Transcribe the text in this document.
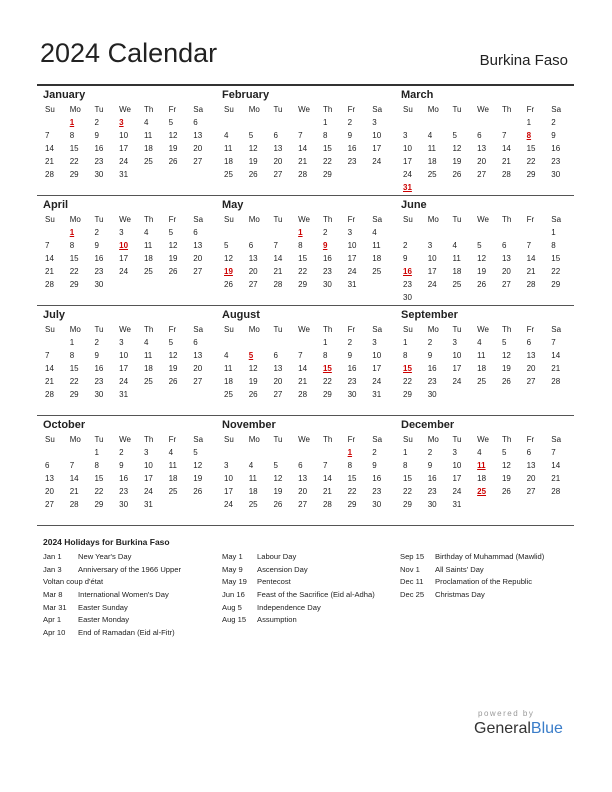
2024 Calendar	Burkina Faso
January
Su	Mo	Tu	We	Th	Fr	Sa
	1	2	3	4	5	6
7	8	9	10	11	12	13
14	15	16	17	18	19	20
21	22	23	24	25	26	27
28	29	30	31			
February
Su	Mo	Tu	We	Th	Fr	Sa
				1	2	3
4	5	6	7	8	9	10
11	12	13	14	15	16	17
18	19	20	21	22	23	24
25	26	27	28	29		
March
Su	Mo	Tu	We	Th	Fr	Sa
					1	2
3	4	5	6	7	8	9
10	11	12	13	14	15	16
17	18	19	20	21	22	23
24	25	26	27	28	29	30
31						
April
Su	Mo	Tu	We	Th	Fr	Sa
	1	2	3	4	5	6
7	8	9	10	11	12	13
14	15	16	17	18	19	20
21	22	23	24	25	26	27
28	29	30				
May
Su	Mo	Tu	We	Th	Fr	Sa
			1	2	3	4
5	6	7	8	9	10	11
12	13	14	15	16	17	18
19	20	21	22	23	24	25
26	27	28	29	30	31	
June
Su	Mo	Tu	We	Th	Fr	Sa
						1
2	3	4	5	6	7	8
9	10	11	12	13	14	15
16	17	18	19	20	21	22
23	24	25	26	27	28	29
30						
July
Su	Mo	Tu	We	Th	Fr	Sa
	1	2	3	4	5	6
7	8	9	10	11	12	13
14	15	16	17	18	19	20
21	22	23	24	25	26	27
28	29	30	31			
August
Su	Mo	Tu	We	Th	Fr	Sa
				1	2	3
4	5	6	7	8	9	10
11	12	13	14	15	16	17
18	19	20	21	22	23	24
25	26	27	28	29	30	31
September
Su	Mo	Tu	We	Th	Fr	Sa
1	2	3	4	5	6	7
8	9	10	11	12	13	14
15	16	17	18	19	20	21
22	23	24	25	26	27	28
29	30					
October
Su	Mo	Tu	We	Th	Fr	Sa
		1	2	3	4	5
6	7	8	9	10	11	12
13	14	15	16	17	18	19
20	21	22	23	24	25	26
27	28	29	30	31		
November
Su	Mo	Tu	We	Th	Fr	Sa
					1	2
3	4	5	6	7	8	9
10	11	12	13	14	15	16
17	18	19	20	21	22	23
24	25	26	27	28	29	30
December
Su	Mo	Tu	We	Th	Fr	Sa
1	2	3	4	5	6	7
8	9	10	11	12	13	14
15	16	17	18	19	20	21
22	23	24	25	26	27	28
29	30	31				
2024 Holidays for Burkina Faso
Jan 1	New Year's Day
Jan 3	Anniversary of the 1966 Upper
Voltan coup d'état
Mar 8	International Women's Day
Mar 31	Easter Sunday
Apr 1	Easter Monday
Apr 10	End of Ramadan (Eid al-Fitr)
May 1	Labour Day
May 9	Ascension Day
May 19	Pentecost
Jun 16	Feast of the Sacrifice (Eid al-Adha)
Aug 5	Independence Day
Aug 15	Assumption
Sep 15	Birthday of Muhammad (Mawlid)
Nov 1	All Saints' Day
Dec 11	Proclamation of the Republic
Dec 25	Christmas Day
powered by
GeneralBlue
